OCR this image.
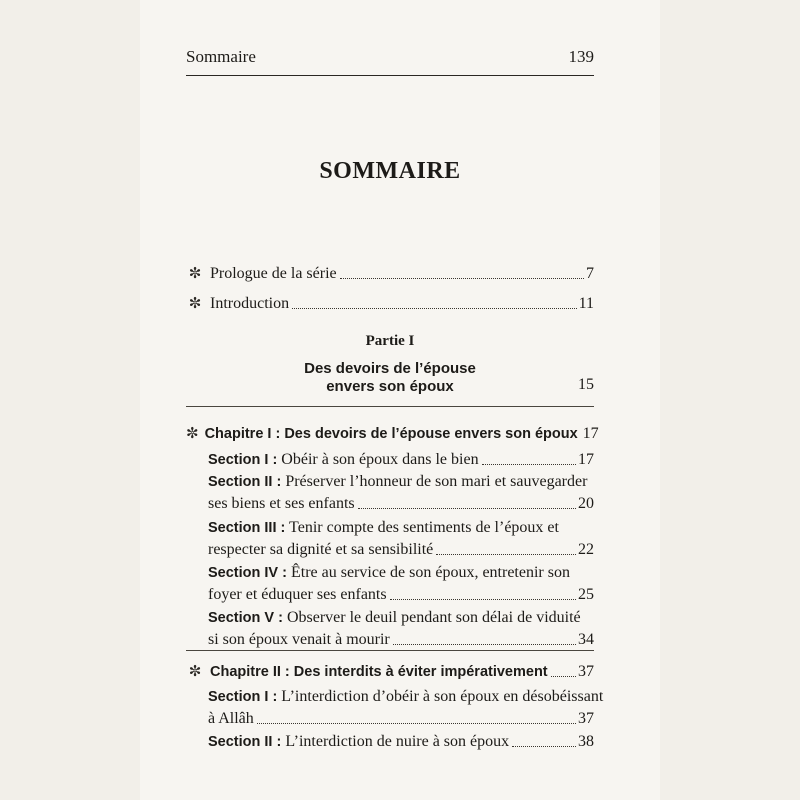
Sommaire	139
SOMMAIRE
✼ Prologue de la série	7
✼ Introduction	11
Partie I
Des devoirs de l’épouse
envers son époux	15
✼ Chapitre I : Des devoirs de l’épouse envers son époux 17
Section I : Obéir à son époux dans le bien	17
Section II : Préserver l’honneur de son mari et sauvegarder
ses biens et ses enfants	20
Section III : Tenir compte des sentiments de l’époux et
respecter sa dignité et sa sensibilité	22
Section IV : Être au service de son époux, entretenir son
foyer et éduquer ses enfants	25
Section V : Observer le deuil pendant son délai de viduité
si son époux venait à mourir	34
✼ Chapitre II : Des interdits à éviter impérativement 37
Section I : L’interdiction d’obéir à son époux en désobéissant
à Allâh	37
Section II : L’interdiction de nuire à son époux	38
